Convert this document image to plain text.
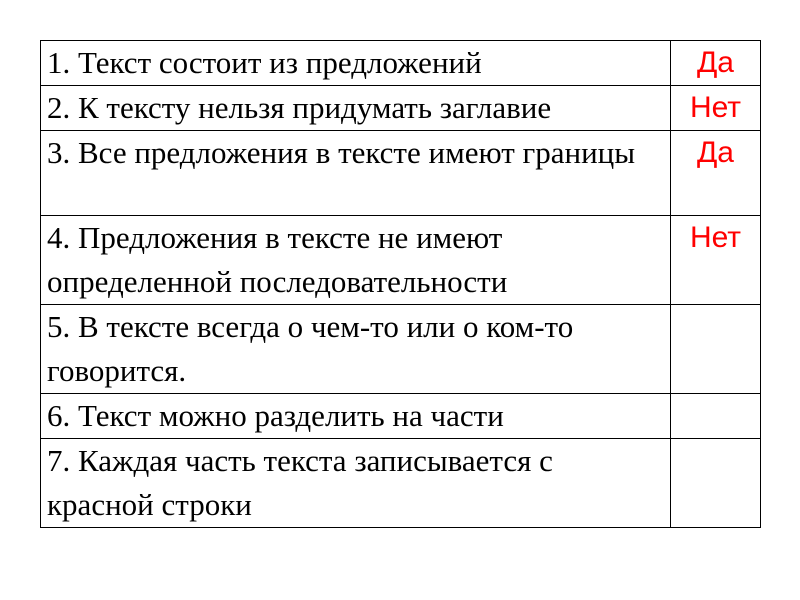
1. Текст состоит из предложений	Да
2. К тексту нельзя придумать заглавие	Нет
3. Все предложения в тексте имеют границы	Да
4. Предложения в тексте не имеют определенной последовательности	Нет
5. В тексте всегда о чем-то или о ком-то говорится.	
6. Текст можно разделить на части	
7. Каждая часть текста записывается с красной строки	
